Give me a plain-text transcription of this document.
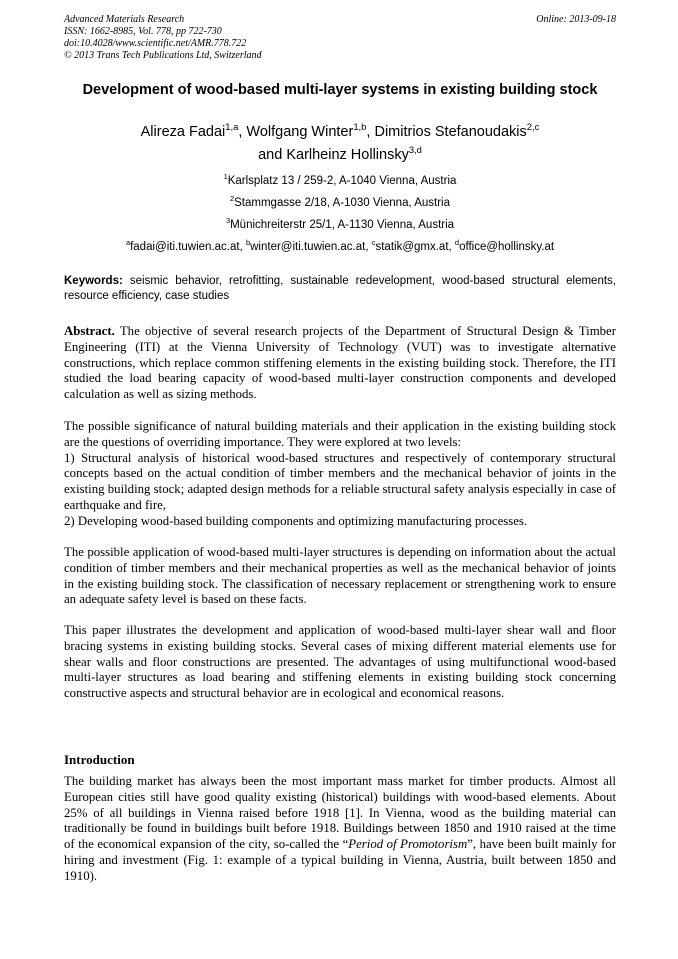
Advanced Materials Research
ISSN: 1662-8985, Vol. 778, pp 722-730
doi:10.4028/www.scientific.net/AMR.778.722
© 2013 Trans Tech Publications Ltd, Switzerland
Online: 2013-09-18
Development of wood-based multi-layer systems in existing building stock
Alireza Fadai$^{1,a}$, Wolfgang Winter$^{1,b}$, Dimitrios Stefanoudakis$^{2,c}$
and Karlheinz Hollinsky$^{3,d}$
$^1$Karlsplatz 13 / 259-2, A-1040 Vienna, Austria
$^2$Stammgasse 2/18, A-1030 Vienna, Austria
$^3$Münichreiterstr 25/1, A-1130 Vienna, Austria
$^a$fadai@iti.tuwien.ac.at, $^b$winter@iti.tuwien.ac.at, $^c$statik@gmx.at, $^d$office@hollinsky.at
Keywords: seismic behavior, retrofitting, sustainable redevelopment, wood-based structural elements, resource efficiency, case studies
Abstract. The objective of several research projects of the Department of Structural Design & Timber Engineering (ITI) at the Vienna University of Technology (VUT) was to investigate alternative constructions, which replace common stiffening elements in the existing building stock. Therefore, the ITI studied the load bearing capacity of wood-based multi-layer construction components and developed calculation as well as sizing methods.
The possible significance of natural building materials and their application in the existing building stock are the questions of overriding importance. They were explored at two levels:
1) Structural analysis of historical wood-based structures and respectively of contemporary structural concepts based on the actual condition of timber members and the mechanical behavior of joints in the existing building stock; adapted design methods for a reliable structural safety analysis especially in case of earthquake and fire,
2) Developing wood-based building components and optimizing manufacturing processes.
The possible application of wood-based multi-layer structures is depending on information about the actual condition of timber members and their mechanical properties as well as the mechanical behavior of joints in the existing building stock. The classification of necessary replacement or strengthening work to ensure an adequate safety level is based on these facts.
This paper illustrates the development and application of wood-based multi-layer shear wall and floor bracing systems in existing building stocks. Several cases of mixing different material elements use for shear walls and floor constructions are presented. The advantages of using multifunctional wood-based multi-layer structures as load bearing and stiffening elements in existing building stock concerning constructive aspects and structural behavior are in ecological and economical reasons.
Introduction
The building market has always been the most important mass market for timber products. Almost all European cities still have good quality existing (historical) buildings with wood-based elements. About 25% of all buildings in Vienna raised before 1918 [1]. In Vienna, wood as the building material can traditionally be found in buildings built before 1918. Buildings between 1850 and 1910 raised at the time of the economical expansion of the city, so-called the “Period of Promotorism”, have been built mainly for hiring and investment (Fig. 1: example of a typical building in Vienna, Austria, built between 1850 and 1910).
